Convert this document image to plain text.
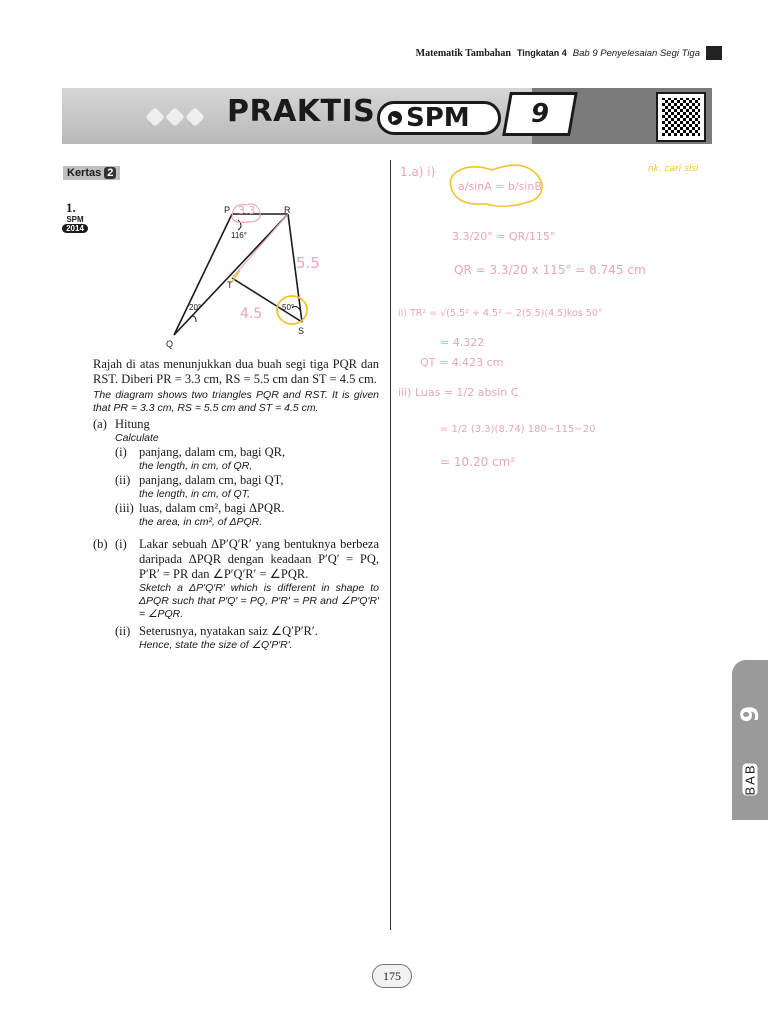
Matematik Tambahan Tingkatan 4 Bab 9 Penyelesaian Segi Tiga
PRAKTIS	▶ SPM 9
Kertas 2
1.
SPM
2014
P	R
T
Q
S
116°
20°	50°
3.3
5.5
4.5

Rajah di atas menunjukkan dua buah segi tiga PQR dan RST. Diberi PR = 3.3 cm, RS = 5.5 cm dan ST = 4.5 cm.

The diagram shows two triangles PQR and RST. It is given that PR = 3.3 cm, RS = 5.5 cm and ST = 4.5 cm.

(a) Hitung
Calculate
(i) panjang, dalam cm, bagi QR,
the length, in cm, of QR,
(ii) panjang, dalam cm, bagi QT,
the length, in cm, of QT,
(iii) luas, dalam cm², bagi ΔPQR.
the area, in cm², of ΔPQR.
(b) (i) Lakar sebuah ΔP′Q′R′ yang bentuknya berbeza daripada ΔPQR dengan keadaan P′Q′ = PQ, P′R′ = PR dan ∠P′Q′R′ = ∠PQR.
Sketch a ΔP′Q′R′ which is different in shape to ΔPQR such that P′Q′ = PQ, P′R′ = PR and ∠P′Q′R′ = ∠PQR.
(ii) Seterusnya, nyatakan saiz ∠Q′P′R′.
Hence, state the size of ∠Q′P′R′.
1.a) i)
a/sinA = b/sinB
3.3/20° = QR/115°
QR = 3.3/20 x 115° = 8.745 cm
ii) TR² = √(5.5² + 4.5² − 2(5.5)(4.5)kos 50°
= 4.322
QT = 4.423 cm
iii) Luas = 1/2 absin C
= 1/2 (3.3)(8.74) 180−115−20
= 10.20 cm²
nk. cari sisi
9
BAB
175
